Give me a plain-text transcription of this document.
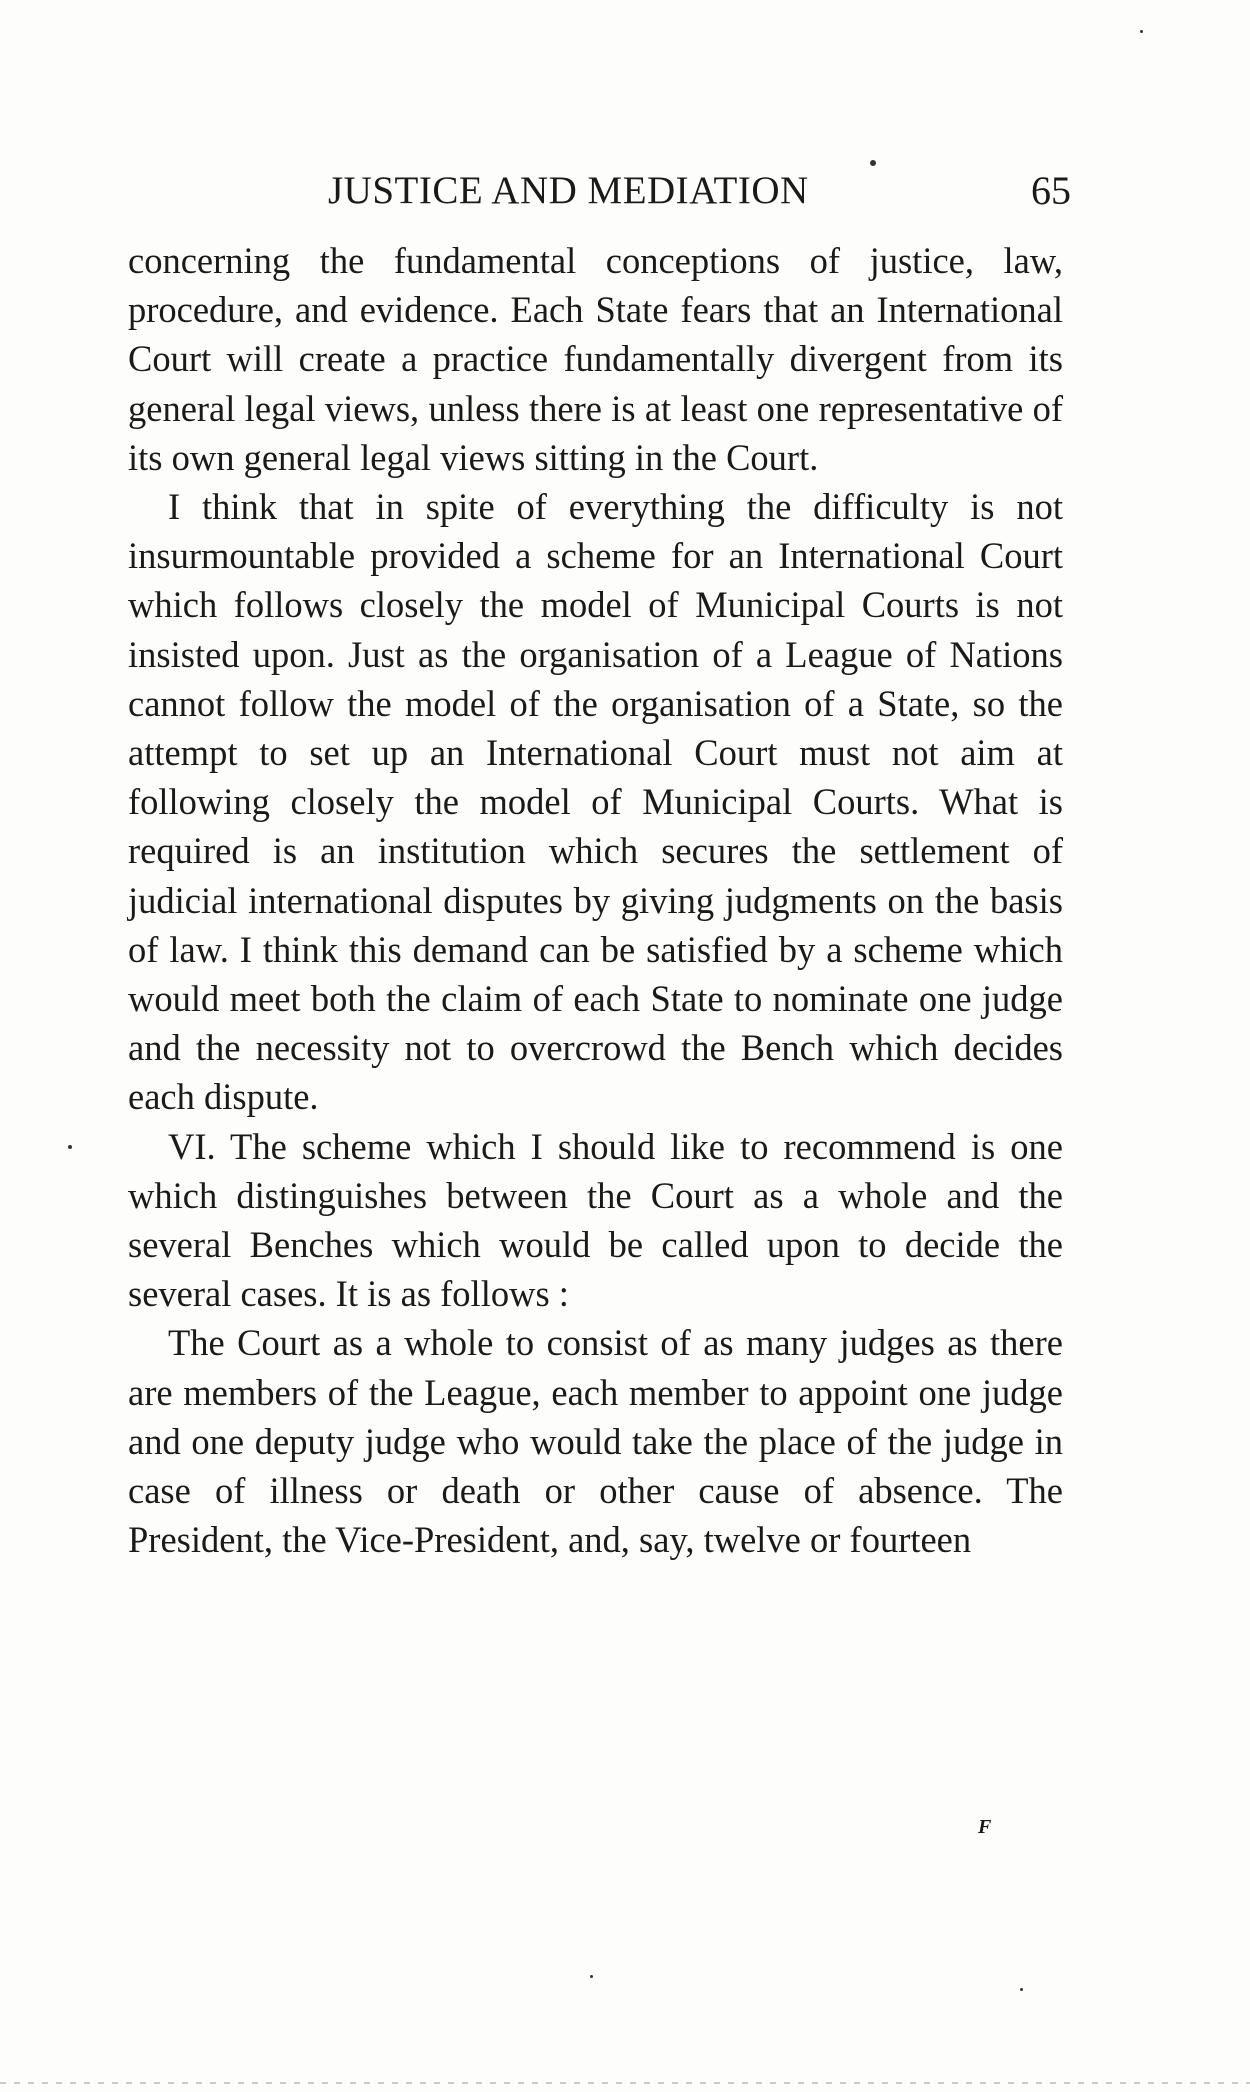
JUSTICE AND MEDIATION	65

concerning the fundamental conceptions of justice, law, procedure, and evidence. Each State fears that an International Court will create a practice fundamentally divergent from its general legal views, unless there is at least one representative of its own general legal views sitting in the Court.

I think that in spite of everything the difficulty is not insurmountable provided a scheme for an International Court which follows closely the model of Municipal Courts is not insisted upon. Just as the organisation of a League of Nations cannot follow the model of the organisation of a State, so the attempt to set up an International Court must not aim at following closely the model of Municipal Courts. What is required is an institution which secures the settlement of judicial international disputes by giving judgments on the basis of law. I think this demand can be satisfied by a scheme which would meet both the claim of each State to nominate one judge and the necessity not to overcrowd the Bench which decides each dispute.

VI. The scheme which I should like to recommend is one which distinguishes between the Court as a whole and the several Benches which would be called upon to decide the several cases. It is as follows :

The Court as a whole to consist of as many judges as there are members of the League, each member to appoint one judge and one deputy judge who would take the place of the judge in case of illness or death or other cause of absence. The President, the Vice-President, and, say, twelve or fourteen

F
